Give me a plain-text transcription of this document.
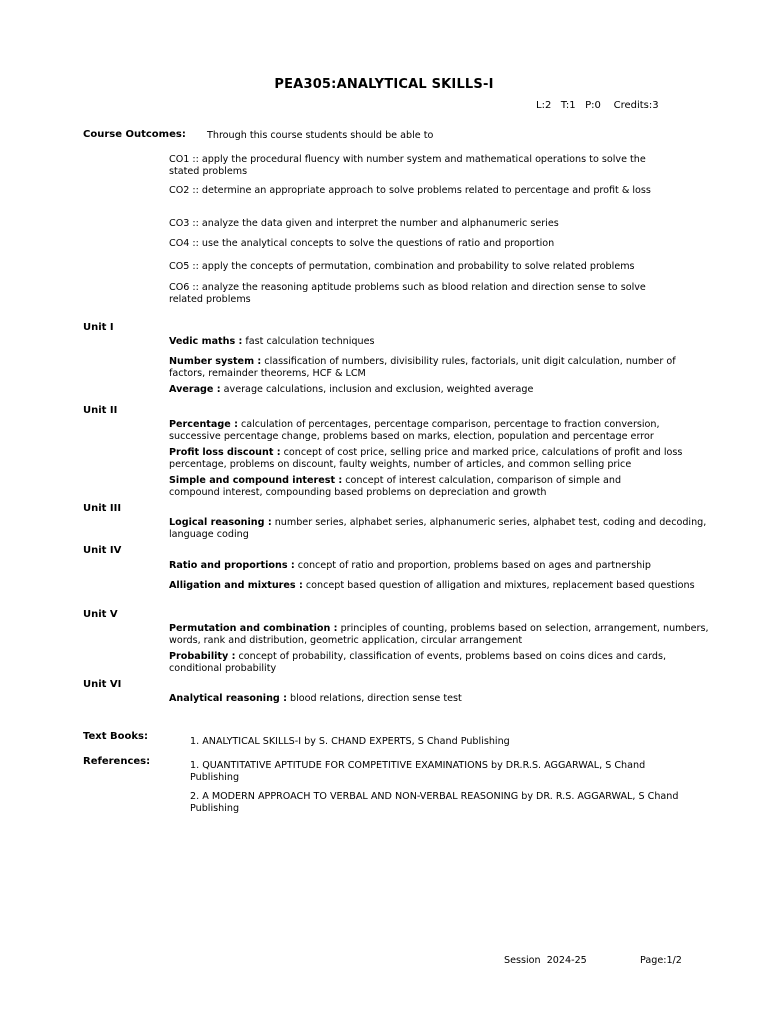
PEA305:ANALYTICAL SKILLS-I
L:2   T:1   P:0    Credits:3
Course Outcomes: Through this course students should be able to
CO1 :: apply the procedural fluency with number system and mathematical operations to solve the stated problems
CO2 :: determine an appropriate approach to solve problems related to percentage and profit & loss
CO3 :: analyze the data given and interpret the number and alphanumeric series
CO4 :: use the analytical concepts to solve the questions of ratio and proportion
CO5 :: apply the concepts of permutation, combination and probability to solve related problems
CO6 :: analyze the reasoning aptitude problems such as blood relation and direction sense to solve related problems
Unit I
Vedic maths : fast calculation techniques
Number system : classification of numbers, divisibility rules, factorials, unit digit calculation, number of factors, remainder theorems, HCF & LCM
Average : average calculations, inclusion and exclusion, weighted average
Unit II
Percentage : calculation of percentages, percentage comparison, percentage to fraction conversion, successive percentage change, problems based on marks, election, population and percentage error
Profit loss discount : concept of cost price, selling price and marked price, calculations of profit and loss percentage, problems on discount, faulty weights, number of articles, and common selling price
Simple and compound interest : concept of interest calculation, comparison of simple and compound interest, compounding based problems on depreciation and growth
Unit III
Logical reasoning : number series, alphabet series, alphanumeric series, alphabet test, coding and decoding, language coding
Unit IV
Ratio and proportions : concept of ratio and proportion, problems based on ages and partnership
Alligation and mixtures : concept based question of alligation and mixtures, replacement based questions
Unit V
Permutation and combination : principles of counting, problems based on selection, arrangement, numbers, words, rank and distribution, geometric application, circular arrangement
Probability : concept of probability, classification of events, problems based on coins dices and cards, conditional probability
Unit VI
Analytical reasoning : blood relations, direction sense test
Text Books:	1. ANALYTICAL SKILLS-I by S. CHAND EXPERTS, S Chand Publishing
References:	1. QUANTITATIVE APTITUDE FOR COMPETITIVE EXAMINATIONS by DR.R.S. AGGARWAL, S Chand Publishing
2. A MODERN APPROACH TO VERBAL AND NON-VERBAL REASONING by DR. R.S. AGGARWAL, S Chand Publishing
Session  2024-25	Page:1/2
